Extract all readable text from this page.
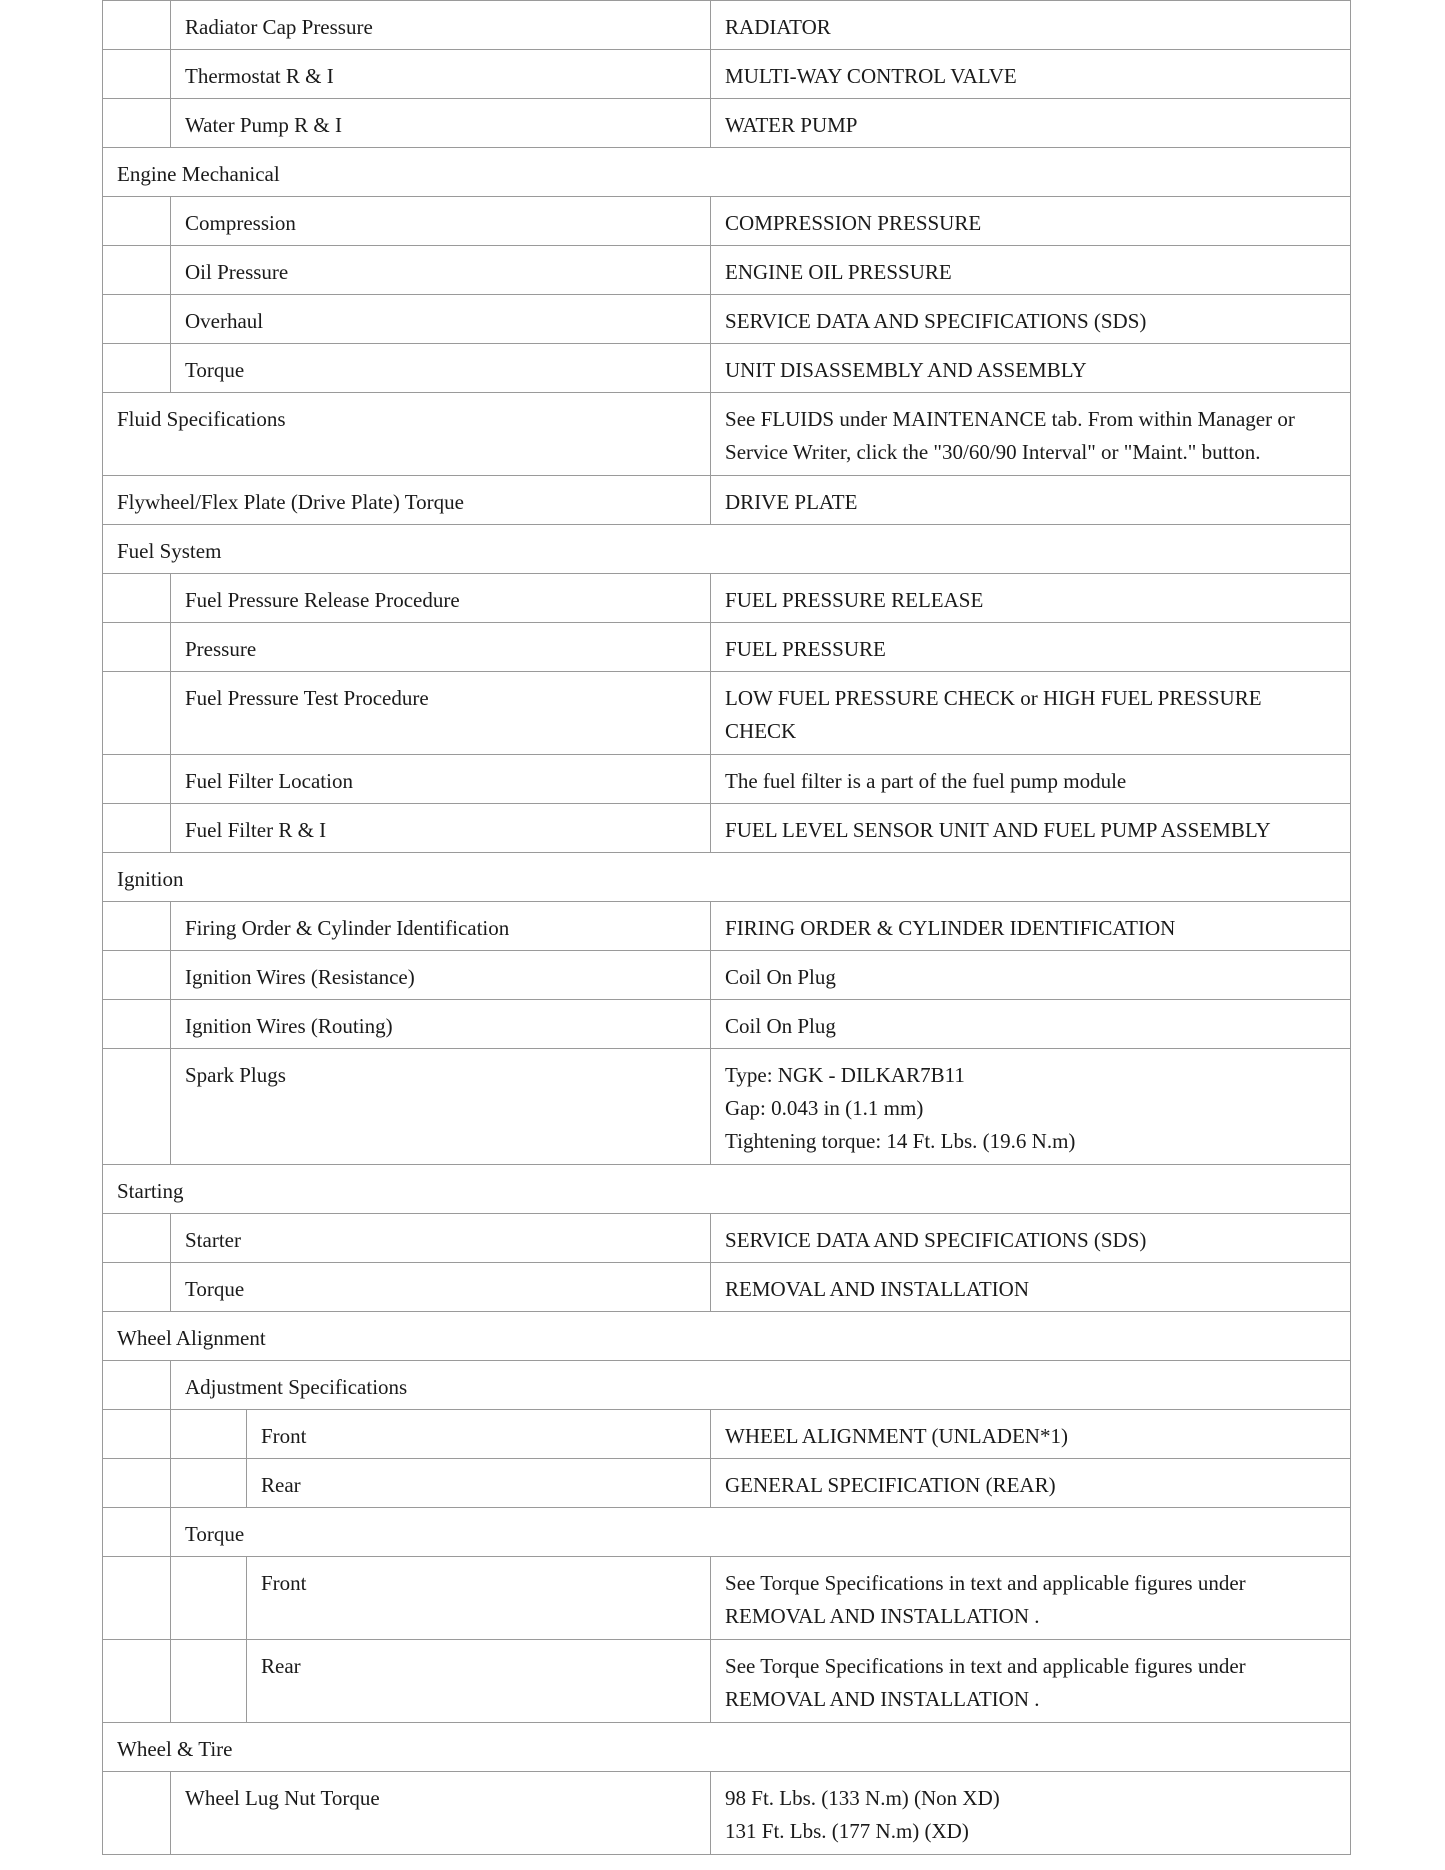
	Radiator Cap Pressure		RADIATOR

	Thermostat R & I		MULTI-WAY CONTROL VALVE

	Water Pump R & I		WATER PUMP

Engine Mechanical			
	Compression		COMPRESSION PRESSURE

	Oil Pressure		ENGINE OIL PRESSURE

	Overhaul		SERVICE DATA AND SPECIFICATIONS (SDS)

	Torque		UNIT DISASSEMBLY AND ASSEMBLY

Fluid Specifications			See FLUIDS under MAINTENANCE tab. From within Manager or
Service Writer, click the "30/60/90 Interval" or "Maint." button.

Flywheel/Flex Plate (Drive Plate) Torque			DRIVE PLATE

Fuel System			
	Fuel Pressure Release Procedure		FUEL PRESSURE RELEASE

	Pressure		FUEL PRESSURE

	Fuel Pressure Test Procedure		LOW FUEL PRESSURE CHECK or HIGH FUEL PRESSURE
CHECK

	Fuel Filter Location		The fuel filter is a part of the fuel pump module

	Fuel Filter R & I		FUEL LEVEL SENSOR UNIT AND FUEL PUMP ASSEMBLY

Ignition			
	Firing Order & Cylinder Identification		FIRING ORDER & CYLINDER IDENTIFICATION

	Ignition Wires (Resistance)		Coil On Plug

	Ignition Wires (Routing)		Coil On Plug

	Spark Plugs		Type: NGK - DILKAR7B11
Gap: 0.043 in (1.1 mm)
Tightening torque: 14 Ft. Lbs. (19.6 N.m)

Starting			
	Starter		SERVICE DATA AND SPECIFICATIONS (SDS)

	Torque		REMOVAL AND INSTALLATION

Wheel Alignment			
	Adjustment Specifications		
		Front	WHEEL ALIGNMENT (UNLADEN*1)

		Rear	GENERAL SPECIFICATION (REAR)

	Torque		
		Front	See Torque Specifications in text and applicable figures under
REMOVAL AND INSTALLATION .

		Rear	See Torque Specifications in text and applicable figures under
REMOVAL AND INSTALLATION .

Wheel & Tire			
	Wheel Lug Nut Torque		98 Ft. Lbs. (133 N.m) (Non XD)
131 Ft. Lbs. (177 N.m) (XD)
